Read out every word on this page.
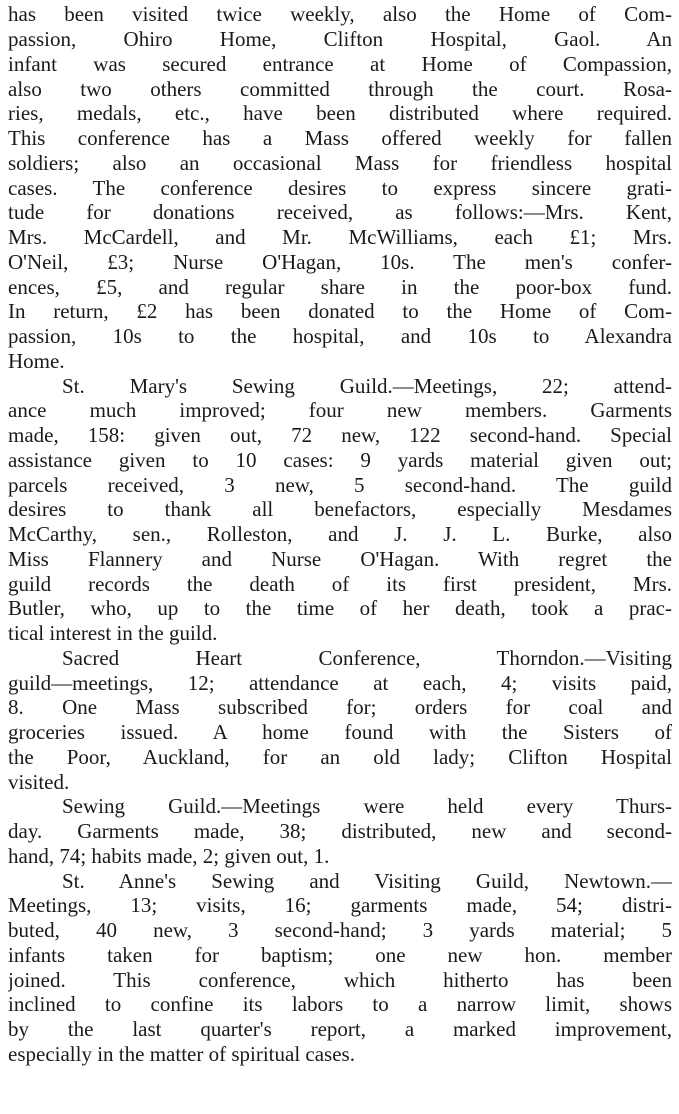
has been visited twice weekly, also the Home of Com-
passion, Ohiro Home, Clifton Hospital, Gaol. An
infant was secured entrance at Home of Compassion,
also two others committed through the court. Rosa-
ries, medals, etc., have been distributed where required.
This conference has a Mass offered weekly for fallen
soldiers; also an occasional Mass for friendless hospital
cases. The conference desires to express sincere grati-
tude for donations received, as follows:—Mrs. Kent,
Mrs. McCardell, and Mr. McWilliams, each £1; Mrs.
O'Neil, £3; Nurse O'Hagan, 10s. The men's confer-
ences, £5, and regular share in the poor-box fund.
In return, £2 has been donated to the Home of Com-
passion, 10s to the hospital, and 10s to Alexandra
Home.
St. Mary's Sewing Guild.—Meetings, 22; attend-
ance much improved; four new members. Garments
made, 158: given out, 72 new, 122 second-hand. Special
assistance given to 10 cases: 9 yards material given out;
parcels received, 3 new, 5 second-hand. The guild
desires to thank all benefactors, especially Mesdames
McCarthy, sen., Rolleston, and J. J. L. Burke, also
Miss Flannery and Nurse O'Hagan. With regret the
guild records the death of its first president, Mrs.
Butler, who, up to the time of her death, took a prac-
tical interest in the guild.
Sacred Heart Conference, Thorndon.—Visiting
guild—meetings, 12; attendance at each, 4; visits paid,
8. One Mass subscribed for; orders for coal and
groceries issued. A home found with the Sisters of
the Poor, Auckland, for an old lady; Clifton Hospital
visited.
Sewing Guild.—Meetings were held every Thurs-
day. Garments made, 38; distributed, new and second-
hand, 74; habits made, 2; given out, 1.
St. Anne's Sewing and Visiting Guild, Newtown.—
Meetings, 13; visits, 16; garments made, 54; distri-
buted, 40 new, 3 second-hand; 3 yards material; 5
infants taken for baptism; one new hon. member
joined. This conference, which hitherto has been
inclined to confine its labors to a narrow limit, shows
by the last quarter's report, a marked improvement,
especially in the matter of spiritual cases.
